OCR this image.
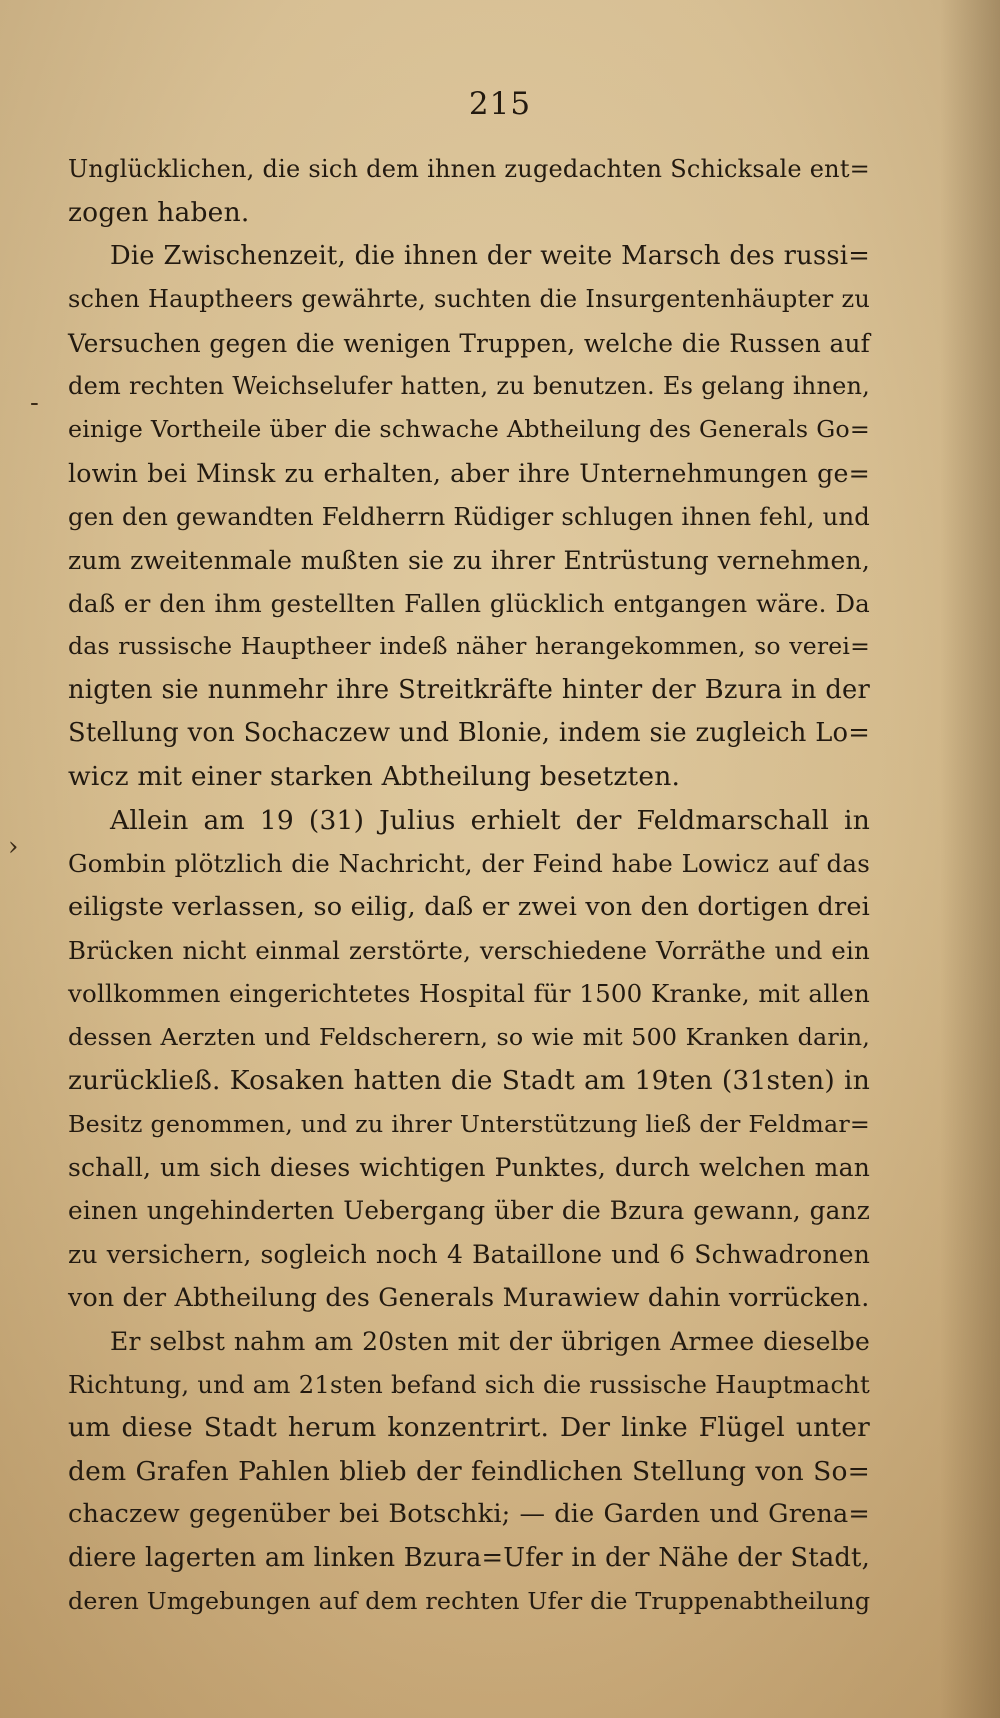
215
-
›
Unglücklichen, die sich dem ihnen zugedachten Schicksale ent=
zogen haben.
Die Zwischenzeit, die ihnen der weite Marsch des russi=
schen Hauptheers gewährte, suchten die Insurgentenhäupter zu
Versuchen gegen die wenigen Truppen, welche die Russen auf
dem rechten Weichselufer hatten, zu benutzen. Es gelang ihnen,
einige Vortheile über die schwache Abtheilung des Generals Go=
lowin bei Minsk zu erhalten, aber ihre Unternehmungen ge=
gen den gewandten Feldherrn Rüdiger schlugen ihnen fehl, und
zum zweitenmale mußten sie zu ihrer Entrüstung vernehmen,
daß er den ihm gestellten Fallen glücklich entgangen wäre. Da
das russische Hauptheer indeß näher herangekommen, so verei=
nigten sie nunmehr ihre Streitkräfte hinter der Bzura in der
Stellung von Sochaczew und Blonie, indem sie zugleich Lo=
wicz mit einer starken Abtheilung besetzten.
Allein am 19 (31) Julius erhielt der Feldmarschall in
Gombin plötzlich die Nachricht, der Feind habe Lowicz auf das
eiligste verlassen, so eilig, daß er zwei von den dortigen drei
Brücken nicht einmal zerstörte, verschiedene Vorräthe und ein
vollkommen eingerichtetes Hospital für 1500 Kranke, mit allen
dessen Aerzten und Feldscherern, so wie mit 500 Kranken darin,
zurückließ. Kosaken hatten die Stadt am 19ten (31sten) in
Besitz genommen, und zu ihrer Unterstützung ließ der Feldmar=
schall, um sich dieses wichtigen Punktes, durch welchen man
einen ungehinderten Uebergang über die Bzura gewann, ganz
zu versichern, sogleich noch 4 Bataillone und 6 Schwadronen
von der Abtheilung des Generals Murawiew dahin vorrücken.
Er selbst nahm am 20sten mit der übrigen Armee dieselbe
Richtung, und am 21sten befand sich die russische Hauptmacht
um diese Stadt herum konzentrirt. Der linke Flügel unter
dem Grafen Pahlen blieb der feindlichen Stellung von So=
chaczew gegenüber bei Botschki; — die Garden und Grena=
diere lagerten am linken Bzura=Ufer in der Nähe der Stadt,
deren Umgebungen auf dem rechten Ufer die Truppenabtheilung
